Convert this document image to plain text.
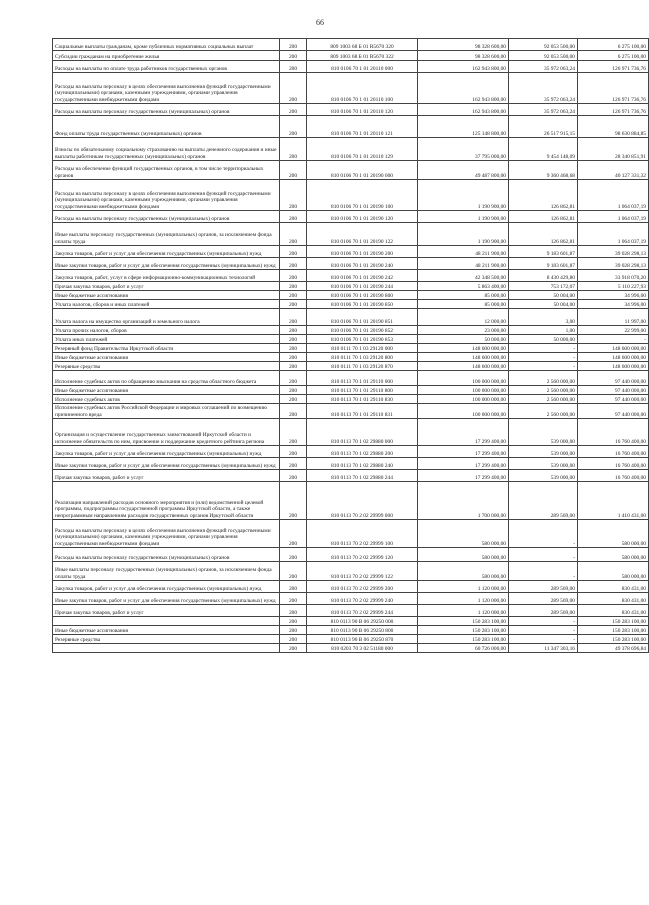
66
Социальные выплаты гражданам, кроме публичных нормативных социальных выплат	200	809 1003 68 Б 01 R5670 320	98 328 600,00	92 053 500,00	6 275 100,00
Субсидии гражданам на приобретение жилья	200	809 1003 68 Б 01 R5670 322	98 328 600,00	92 053 500,00	6 275 100,00
Расходы на выплаты по оплате труда работников государственных органов	200	810 0106 70 1 01 20110 000	162 943 800,00	35 972 063,24	126 971 736,76
Расходы на выплаты персоналу в целях обеспечения выполнения функций государственными (муниципальными) органами, казенными учреждениями, органами управления государственными внебюджетными фондами	200	810 0106 70 1 01 20110 100	162 943 800,00	35 972 063,24	126 971 736,76
Расходы на выплаты персоналу государственных (муниципальных) органов	200	810 0106 70 1 01 20110 120	162 943 800,00	35 972 063,24	126 971 736,76
Фонд оплаты труда государственных (муниципальных) органов	200	810 0106 70 1 01 20110 121	125 148 800,00	26 517 915,15	98 630 884,85
Взносы по обязательному социальному страхованию на выплаты денежного содержания и иные выплаты работникам государственных (муниципальных) органов	200	810 0106 70 1 01 20110 129	37 795 000,00	9 454 148,09	28 340 851,91
Расходы на обеспечение функций государственных органов, в том числе территориальных органов	200	810 0106 70 1 01 20190 000	49 487 800,00	9 360 468,68	40 127 331,32
Расходы на выплаты персоналу в целях обеспечения выполнения функций государственными (муниципальными) органами, казенными учреждениями, органами управления государственными внебюджетными фондами	200	810 0106 70 1 01 20190 100	1 190 900,00	126 862,81	1 064 037,19
Расходы на выплаты персоналу государственных (муниципальных) органов	200	810 0106 70 1 01 20190 120	1 190 900,00	126 862,81	1 064 037,19
Иные выплаты персоналу государственных (муниципальных) органов, за исключением фонда оплаты труда	200	810 0106 70 1 01 20190 122	1 190 900,00	126 862,81	1 064 037,19
Закупка товаров, работ и услуг для обеспечения государственных (муниципальных) нужд	200	810 0106 70 1 01 20190 200	48 211 900,00	9 183 601,87	39 028 298,13
Иные закупки товаров, работ и услуг для обеспечения государственных (муниципальных) нужд	200	810 0106 70 1 01 20190 240	48 211 900,00	9 183 601,87	39 028 298,13
Закупка товаров, работ, услуг в сфере информационно-коммуникационных технологий	200	810 0106 70 1 01 20190 242	42 348 500,00	8 430 429,80	33 918 070,20
Прочая закупка товаров, работ и услуг	200	810 0106 70 1 01 20190 244	5 863 400,00	753 172,07	5 110 227,93
Иные бюджетные ассигнования	200	810 0106 70 1 01 20190 800	85 000,00	50 004,00	34 996,00
Уплата налогов, сборов и иных платежей	200	810 0106 70 1 01 20190 850	85 000,00	50 004,00	34 996,00
Уплата налога на имущество организаций и земельного налога	200	810 0106 70 1 01 20190 851	12 000,00	3,00	11 997,00
Уплата прочих налогов, сборов	200	810 0106 70 1 01 20190 852	23 000,00	1,00	22 999,00
Уплата иных платежей	200	810 0106 70 1 01 20190 853	50 000,00	50 000,00	-
Резервный фонд Правительства Иркутской области	200	810 0111 70 1 03 29120 000	148 600 000,00	-	148 600 000,00
Иные бюджетные ассигнования	200	810 0111 70 1 03 29120 800	148 600 000,00	-	148 600 000,00
Резервные средства	200	810 0111 70 1 03 29120 870	148 600 000,00	-	148 600 000,00
Исполнение судебных актов по обращению взыскания на средства областного бюджета	200	810 0113 70 1 01 29110 000	100 000 000,00	2 560 000,00	97 440 000,00
Иные бюджетные ассигнования	200	810 0113 70 1 01 29110 800	100 000 000,00	2 560 000,00	97 440 000,00
Исполнение судебных актов	200	810 0113 70 1 01 29110 830	100 000 000,00	2 560 000,00	97 440 000,00
Исполнение судебных актов Российской Федерации и мировых соглашений по возмещению причиненного вреда	200	810 0113 70 1 01 29110 831	100 000 000,00	2 560 000,00	97 440 000,00
Организация и осуществление государственных заимствований Иркутской области и исполнение обязательств по ним, присвоение и поддержание кредитного рейтинга региона	200	810 0113 70 1 02 29880 000	17 299 400,00	539 000,00	16 760 400,00
Закупка товаров, работ и услуг для обеспечения государственных (муниципальных) нужд	200	810 0113 70 1 02 29880 200	17 299 400,00	539 000,00	16 760 400,00
Иные закупки товаров, работ и услуг для обеспечения государственных (муниципальных) нужд	200	810 0113 70 1 02 29880 240	17 299 400,00	539 000,00	16 760 400,00
Прочая закупка товаров, работ и услуг	200	810 0113 70 1 02 29880 244	17 299 400,00	539 000,00	16 760 400,00
Реализация направлений расходов основного мероприятия и (или) ведомственной целевой программы, подпрограммы государственной программы Иркутской области, а также непрограммным направлениям расходов государственных органов Иркутской области	200	810 0113 70 2 02 29999 000	1 700 000,00	289 569,00	1 410 431,00
Расходы на выплаты персоналу в целях обеспечения выполнения функций государственными (муниципальными) органами, казенными учреждениями, органами управления государственными внебюджетными фондами	200	810 0113 70 2 02 29999 100	580 000,00	-	580 000,00
Расходы на выплаты персоналу государственных (муниципальных) органов	200	810 0113 70 2 02 29999 120	580 000,00	-	580 000,00
Иные выплаты персоналу государственных (муниципальных) органов, за исключением фонда оплаты труда	200	810 0113 70 2 02 29999 122	580 000,00	-	580 000,00
Закупка товаров, работ и услуг для обеспечения государственных (муниципальных) нужд	200	810 0113 70 2 02 29999 200	1 120 000,00	289 569,00	830 431,00
Иные закупки товаров, работ и услуг для обеспечения государственных (муниципальных) нужд	200	810 0113 70 2 02 29999 240	1 120 000,00	289 569,00	830 431,00
Прочая закупка товаров, работ и услуг	200	810 0113 70 2 02 29999 244	1 120 000,00	289 569,00	830 431,00
	200	810 0113 90 В 06 29250 000	150 283 100,00	-	150 283 100,00
Иные бюджетные ассигнования	200	810 0113 90 В 06 29250 800	150 283 100,00	-	150 283 100,00
Резервные средства	200	810 0113 90 В 06 29250 870	150 283 100,00	-	150 283 100,00
	200	810 0203 70 3 02 51180 000	60 726 000,00	11 347 303,16	49 378 696,84
